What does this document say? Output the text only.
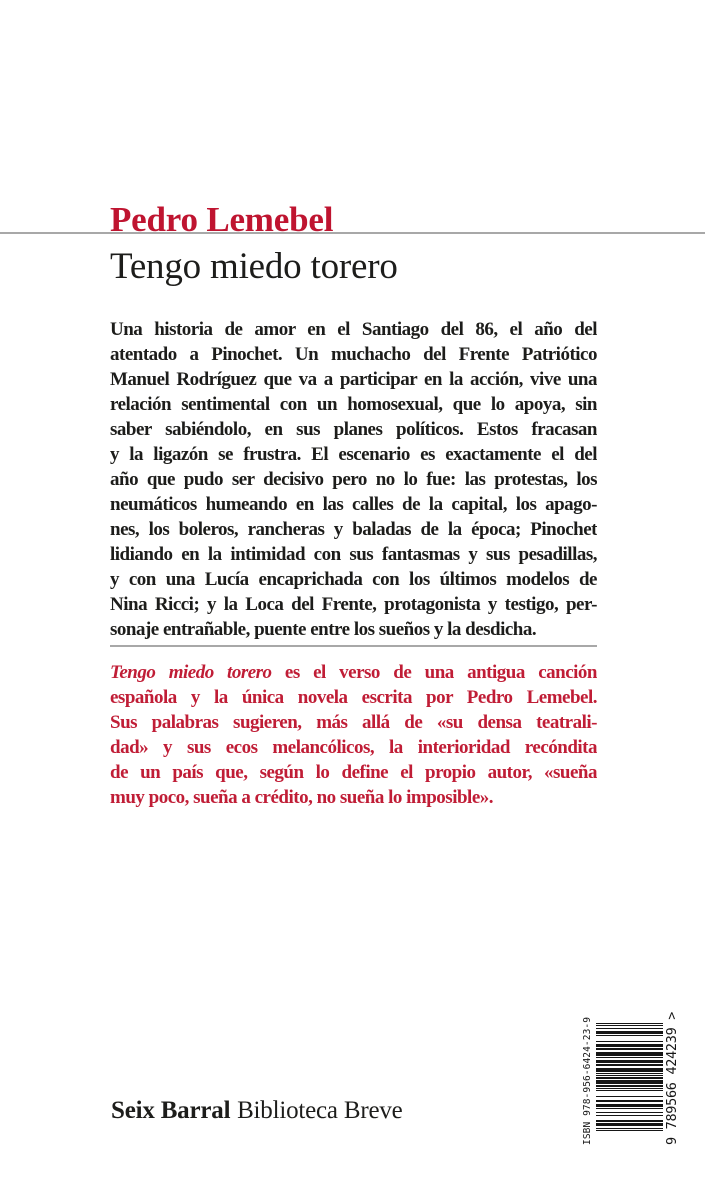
Pedro Lemebel
Tengo miedo torero
Una historia de amor en el Santiago del 86, el año del
atentado a Pinochet. Un muchacho del Frente Patriótico
Manuel Rodríguez que va a participar en la acción, vive una
relación sentimental con un homosexual, que lo apoya, sin
saber sabiéndolo, en sus planes políticos. Estos fracasan
y la ligazón se frustra. El escenario es exactamente el del
año que pudo ser decisivo pero no lo fue: las protestas, los
neumáticos humeando en las calles de la capital, los apago-
nes, los boleros, rancheras y baladas de la época; Pinochet
lidiando en la intimidad con sus fantasmas y sus pesadillas,
y con una Lucía encaprichada con los últimos modelos de
Nina Ricci; y la Loca del Frente, protagonista y testigo, per-
sonaje entrañable, puente entre los sueños y la desdicha.
Tengo miedo torero es el verso de una antigua canción
española y la única novela escrita por Pedro Lemebel.
Sus palabras sugieren, más allá de «su densa teatrali-
dad» y sus ecos melancólicos, la interioridad recóndita
de un país que, según lo define el propio autor, «sueña
muy poco, sueña a crédito, no sueña lo imposible».
Seix Barral Biblioteca Breve	ISBN 978-956-6424-23-9	9 789566 424239 >
